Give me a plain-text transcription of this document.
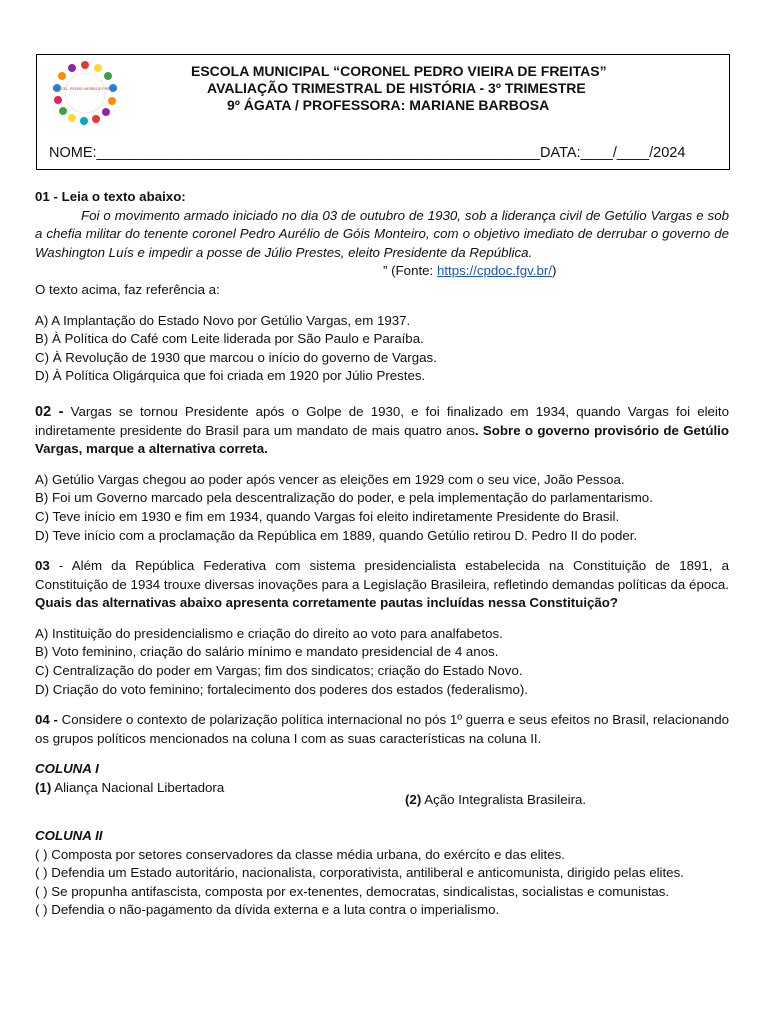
E.M. CEL. PEDRO VIEIRA DE FREITAS
ESCOLA MUNICIPAL “CORONEL PEDRO VIEIRA DE FREITAS”
AVALIAÇÃO TRIMESTRAL DE HISTÓRIA - 3º TRIMESTRE
9º ÁGATA / PROFESSORA: MARIANE BARBOSA
NOME:_______________________________________________________DATA:____/____/2024
01 - Leia o texto abaixo:
Foi o movimento armado iniciado no dia 03 de outubro de 1930, sob a liderança civil de Getúlio Vargas e sob a chefia militar do tenente coronel Pedro Aurélio de Góis Monteiro, com o objetivo imediato de derrubar o governo de Washington Luís e impedir a posse de Júlio Prestes, eleito Presidente da República.
” (Fonte: https://cpdoc.fgv.br/)
O texto acima, faz referência a:
A) A Implantação do Estado Novo por Getúlio Vargas, em 1937.
B) À Política do Café com Leite liderada por São Paulo e Paraíba.
C) À Revolução de 1930 que marcou o início do governo de Vargas.
D) À Política Oligárquica que foi criada em 1920 por Júlio Prestes.
02 - Vargas se tornou Presidente após o Golpe de 1930, e foi finalizado em 1934, quando Vargas foi eleito indiretamente presidente do Brasil para um mandato de mais quatro anos. Sobre o governo provisório de Getúlio Vargas, marque a alternativa correta.
A) Getúlio Vargas chegou ao poder após vencer as eleições em 1929 com o seu vice, João Pessoa.
B) Foi um Governo marcado pela descentralização do poder, e pela implementação do parlamentarismo.
C) Teve início em 1930 e fim em 1934, quando Vargas foi eleito indiretamente Presidente do Brasil.
D) Teve início com a proclamação da República em 1889, quando Getúlio retirou D. Pedro II do poder.
03 - Além da República Federativa com sistema presidencialista estabelecida na Constituição de 1891, a Constituição de 1934 trouxe diversas inovações para a Legislação Brasileira, refletindo demandas políticas da época. Quais das alternativas abaixo apresenta corretamente pautas incluídas nessa Constituição?
A) Instituição do presidencialismo e criação do direito ao voto para analfabetos.
B) Voto feminino, criação do salário mínimo e mandato presidencial de 4 anos.
C) Centralização do poder em Vargas; fim dos sindicatos; criação do Estado Novo.
D) Criação do voto feminino; fortalecimento dos poderes dos estados (federalismo).
04 - Considere o contexto de polarização política internacional no pós 1º guerra e seus efeitos no Brasil, relacionando os grupos políticos mencionados na coluna I com as suas características na coluna II.
COLUNA I
(1) Aliança Nacional Libertadora
(2) Ação Integralista Brasileira.
COLUNA II
( ) Composta por setores conservadores da classe média urbana, do exército e das elites.
( ) Defendia um Estado autoritário, nacionalista, corporativista, antiliberal e anticomunista, dirigido pelas elites.
( ) Se propunha antifascista, composta por ex-tenentes, democratas, sindicalistas, socialistas e comunistas.
( ) Defendia o não-pagamento da dívida externa e a luta contra o imperialismo.
